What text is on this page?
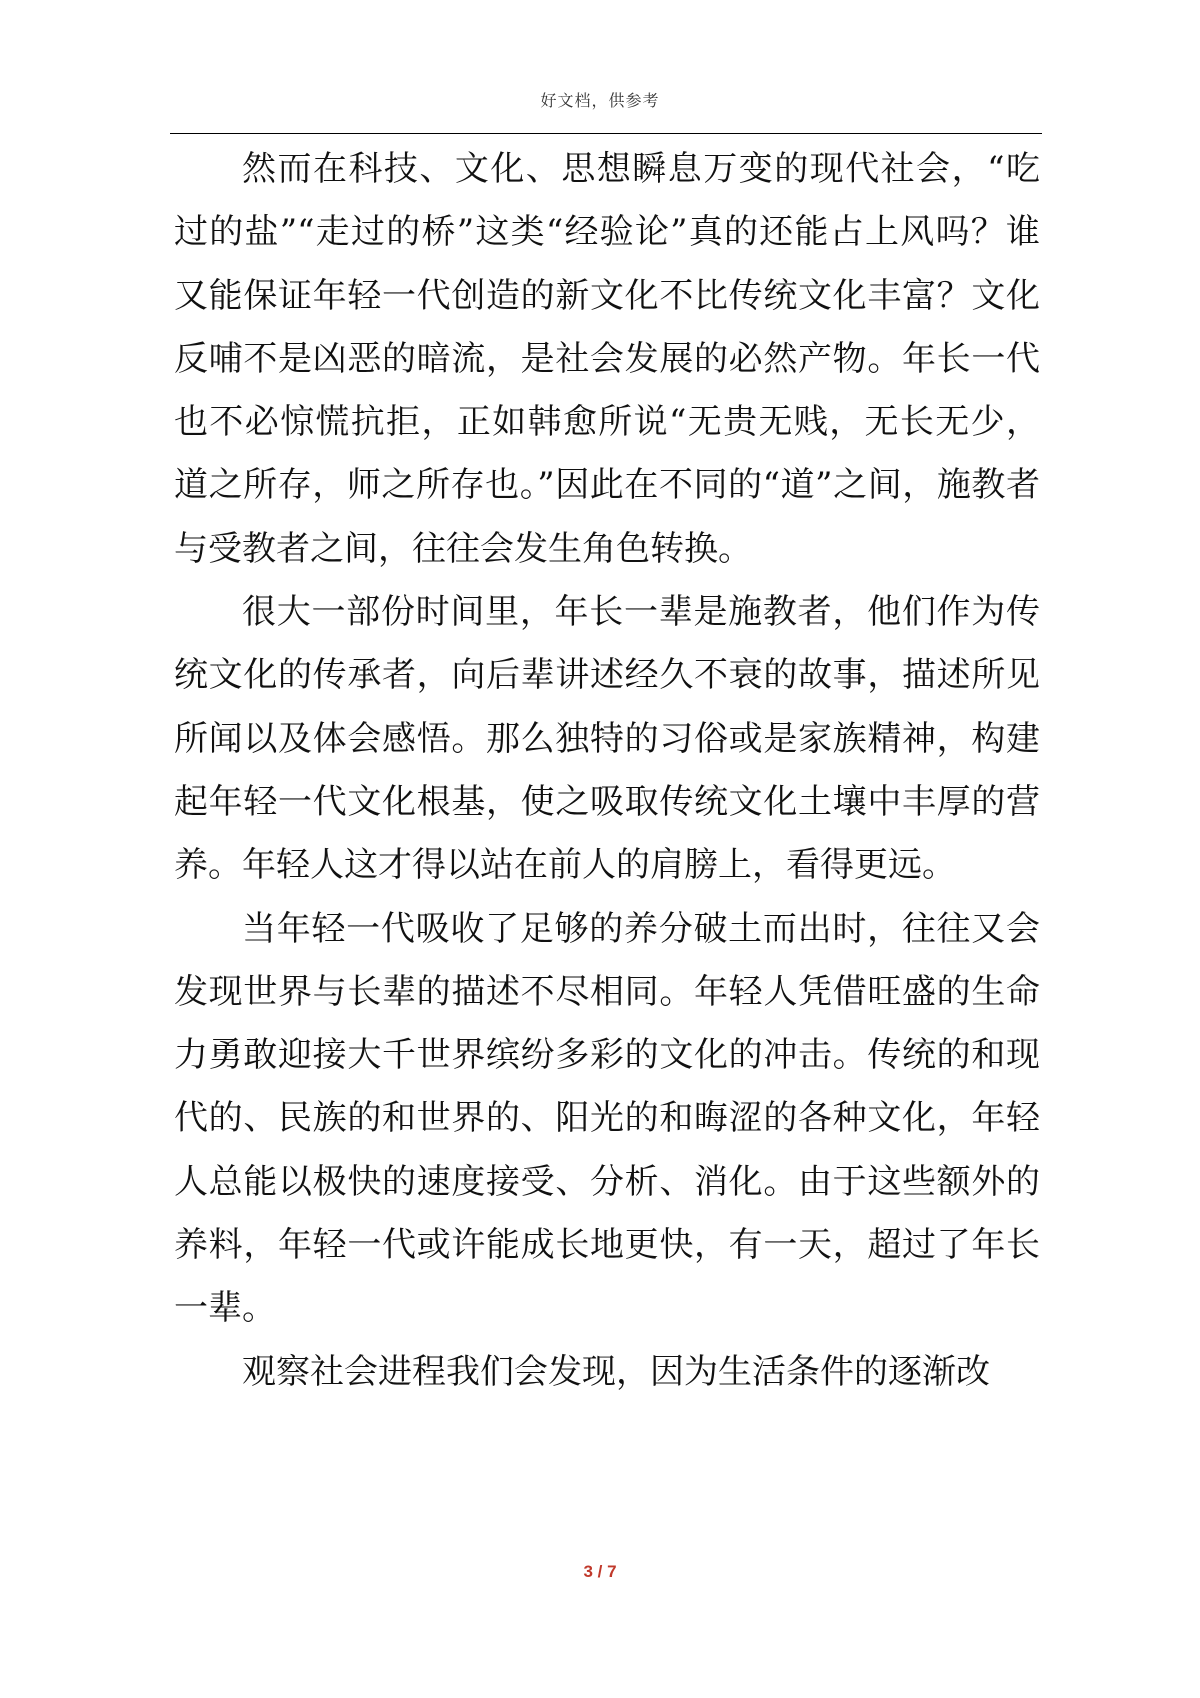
好文档，供参考

然而在科技、文化、思想瞬息万变的现代社会，“吃过的盐”“走过的桥”这类“经验论”真的还能占上风吗？谁又能保证年轻一代创造的新文化不比传统文化丰富？文化反哺不是凶恶的暗流，是社会发展的必然产物。年长一代也不必惊慌抗拒，正如韩愈所说“无贵无贱，无长无少，道之所存，师之所存也。”因此在不同的“道”之间，施教者与受教者之间，往往会发生角色转换。

很大一部份时间里，年长一辈是施教者，他们作为传统文化的传承者，向后辈讲述经久不衰的故事，描述所见所闻以及体会感悟。那么独特的习俗或是家族精神，构建起年轻一代文化根基，使之吸取传统文化土壤中丰厚的营养。年轻人这才得以站在前人的肩膀上，看得更远。

当年轻一代吸收了足够的养分破土而出时，往往又会发现世界与长辈的描述不尽相同。年轻人凭借旺盛的生命力勇敢迎接大千世界缤纷多彩的文化的冲击。传统的和现代的、民族的和世界的、阳光的和晦涩的各种文化，年轻人总能以极快的速度接受、分析、消化。由于这些额外的养料，年轻一代或许能成长地更快，有一天，超过了年长一辈。

观察社会进程我们会发现，因为生活条件的逐渐改

3 / 7
